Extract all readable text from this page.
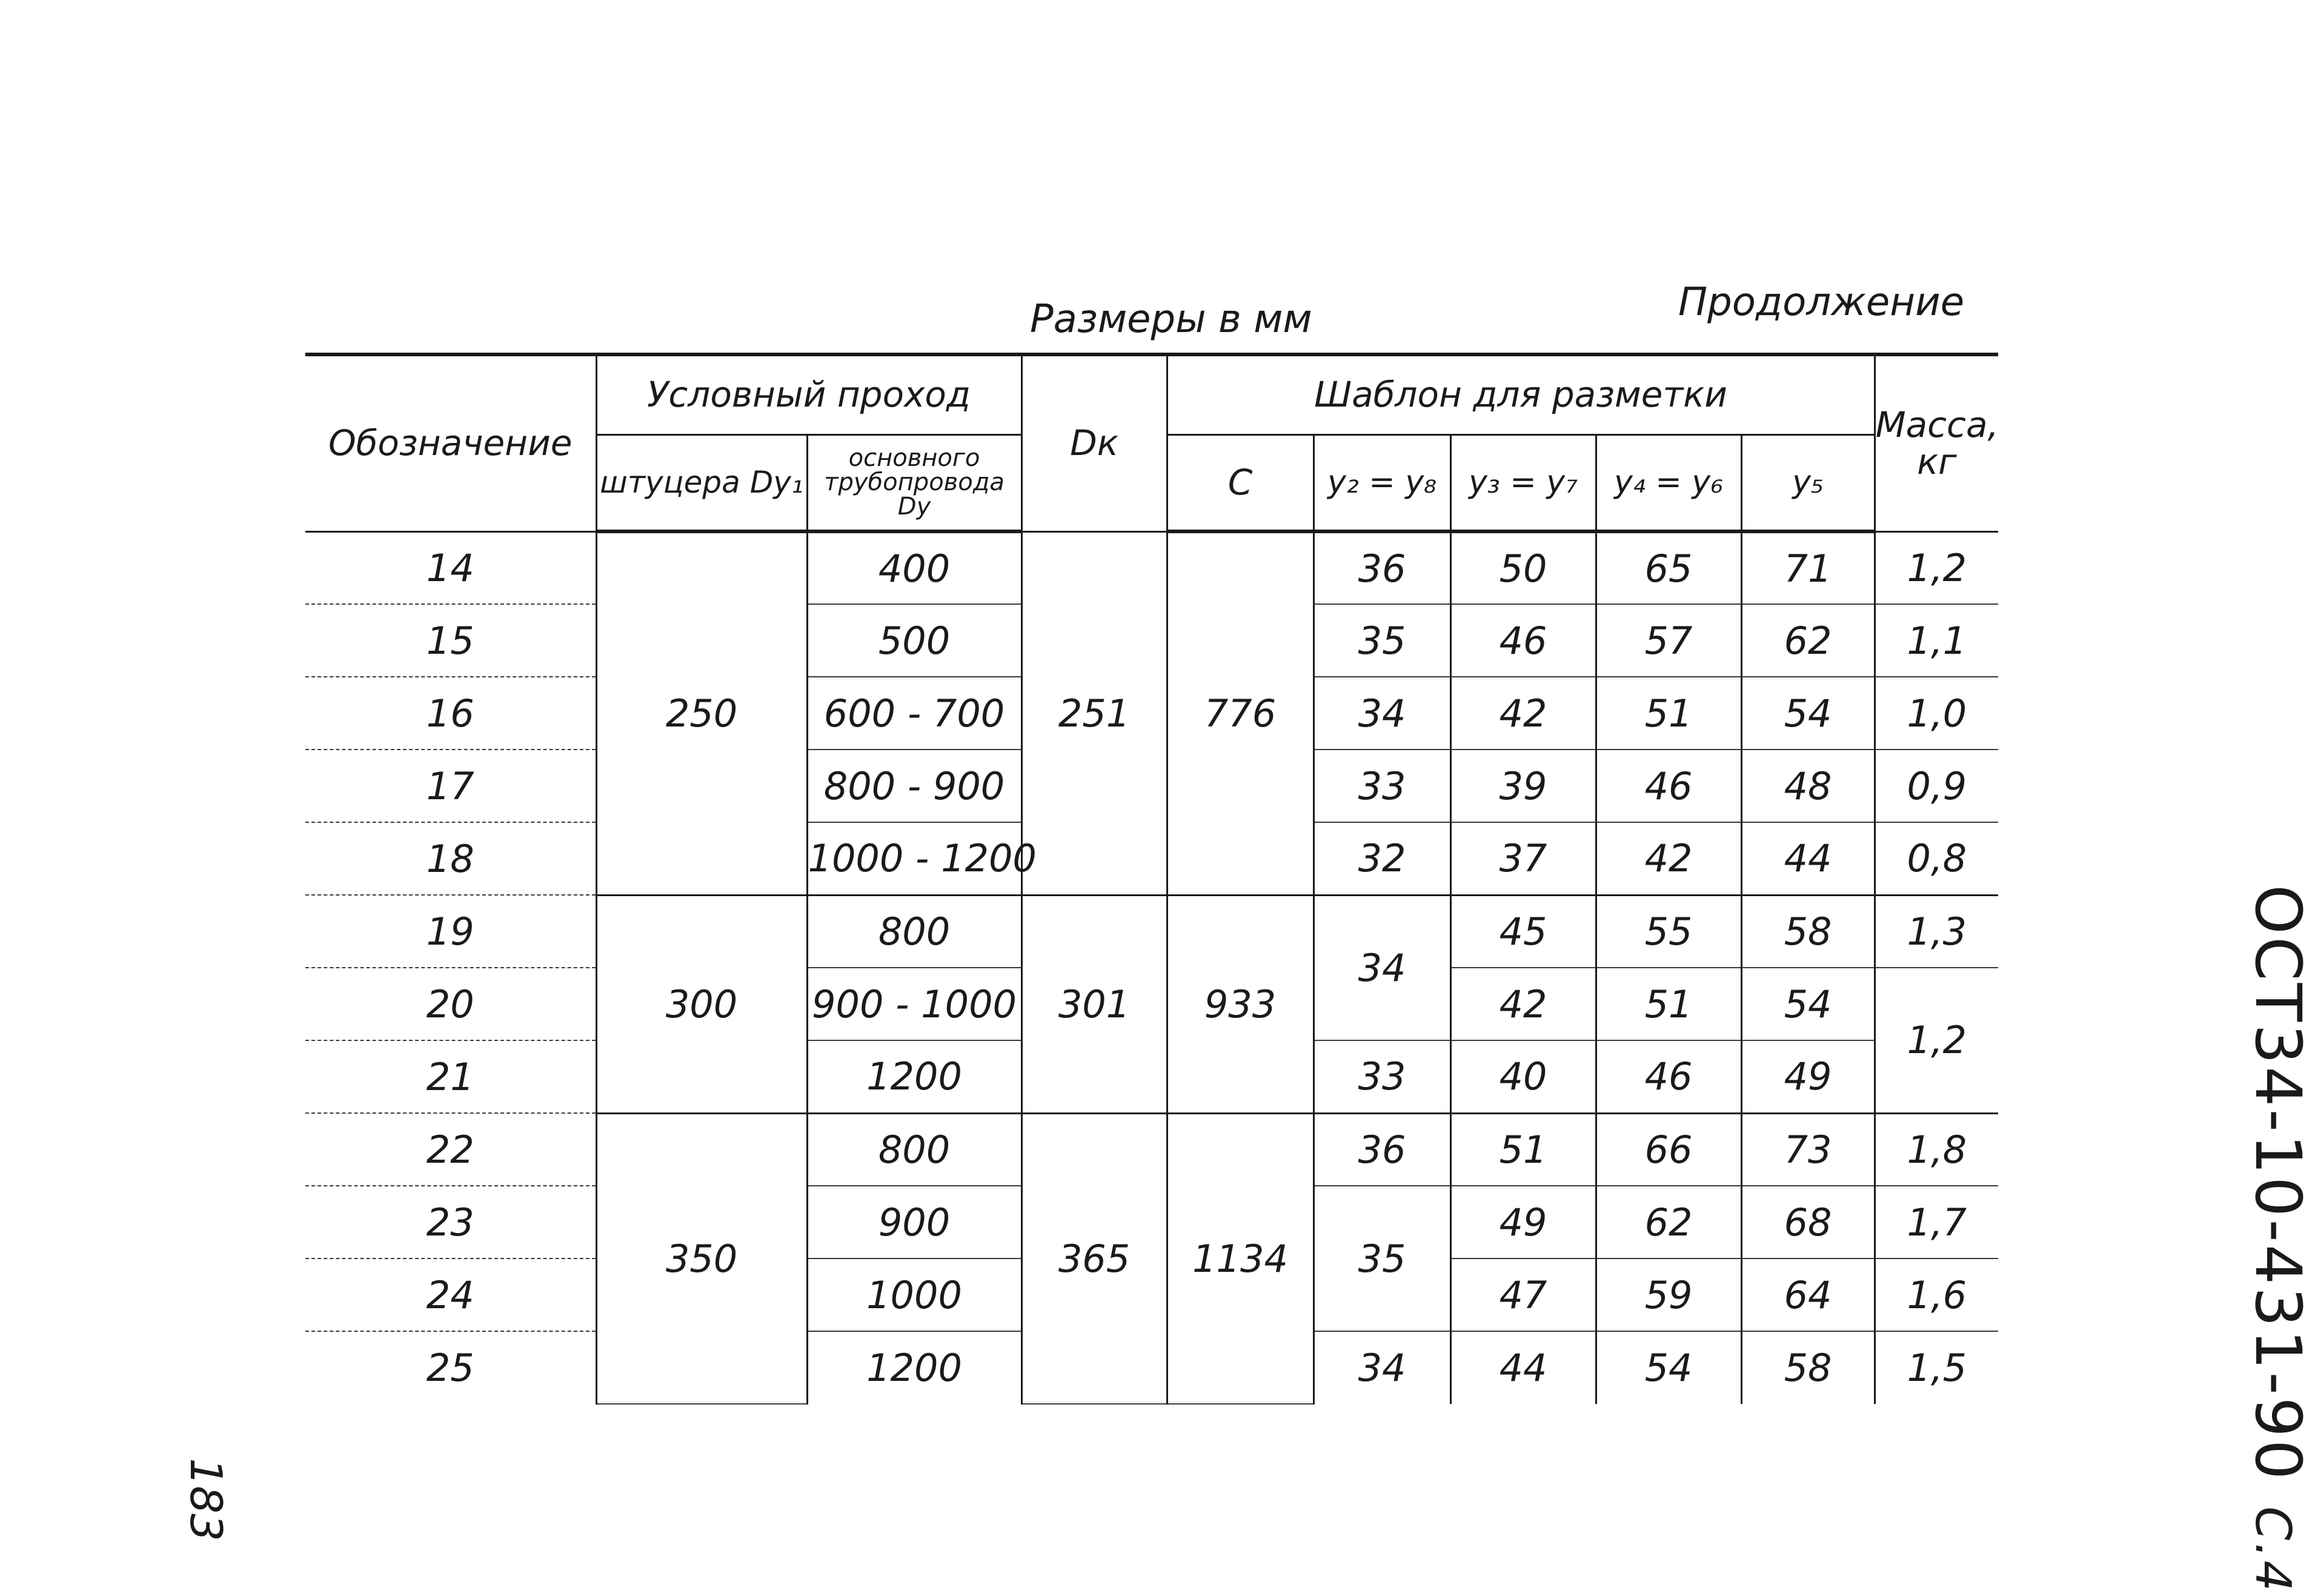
Размеры в мм	Продолжение
Обозначение	Условный проход		Dк	Шаблон для разметки					Масса, кг
	штуцера Dy₁	основного трубопровода Dy		С	y₂ = y₈	y₃ = y₇	y₄ = y₆	y₅	
14	250	400	251	776	36	50	65	71	1,2
15		500			35	46	57	62	1,1
16		600 - 700			34	42	51	54	1,0
17		800 - 900			33	39	46	48	0,9
18		1000 - 1200			32	37	42	44	0,8
19	300	800	301	933	34	45	55	58	1,3
20		900 - 1000				42	51	54	1,2
21		1200			33	40	46	49	
22	350	800	365	1134	36	51	66	73	1,8
23		900			35	49	62	68	1,7
24		1000				47	59	64	1,6
25		1200			34	44	54	58	1,5	ОСТ34-10-431-90С.4
183
